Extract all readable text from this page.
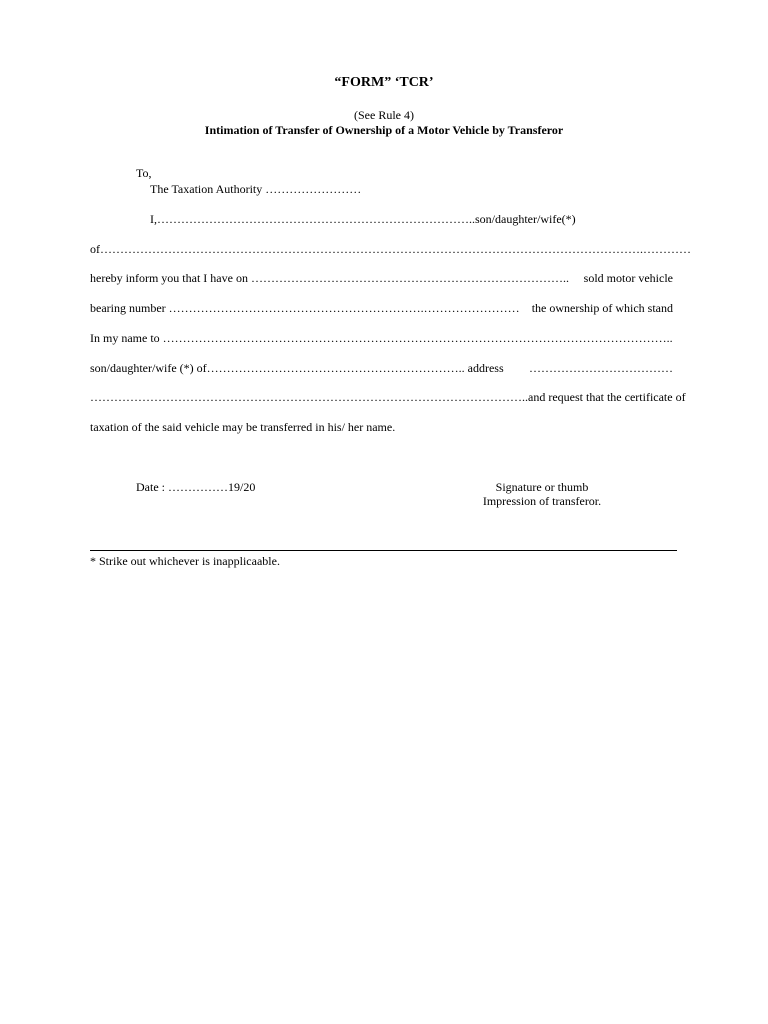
“FORM” ‘TCR’
(See Rule 4)
Intimation of Transfer of Ownership of a Motor Vehicle by Transferor
To,
The Taxation Authority ……………………
I,……………………………………………………………………..son/daughter/wife(*)
of……………………………………………………………………………………………………………………….…………
hereby inform you that I have on …………………………………………………………………….. sold motor vehicle
bearing number ……………………………………………………….…………………… the ownership of which stand
In my name to ………………………………………………………………………………………………………………..
son/daughter/wife (*) of……………………………………………………….. address ………………………………
……………………………………………………………………………………………….. and request that the certificate of
taxation of the said vehicle may be transferred in his/ her name.
Date : ……………19/20	Signature or thumb
Impression of transferor.
* Strike out whichever is inapplicaable.
